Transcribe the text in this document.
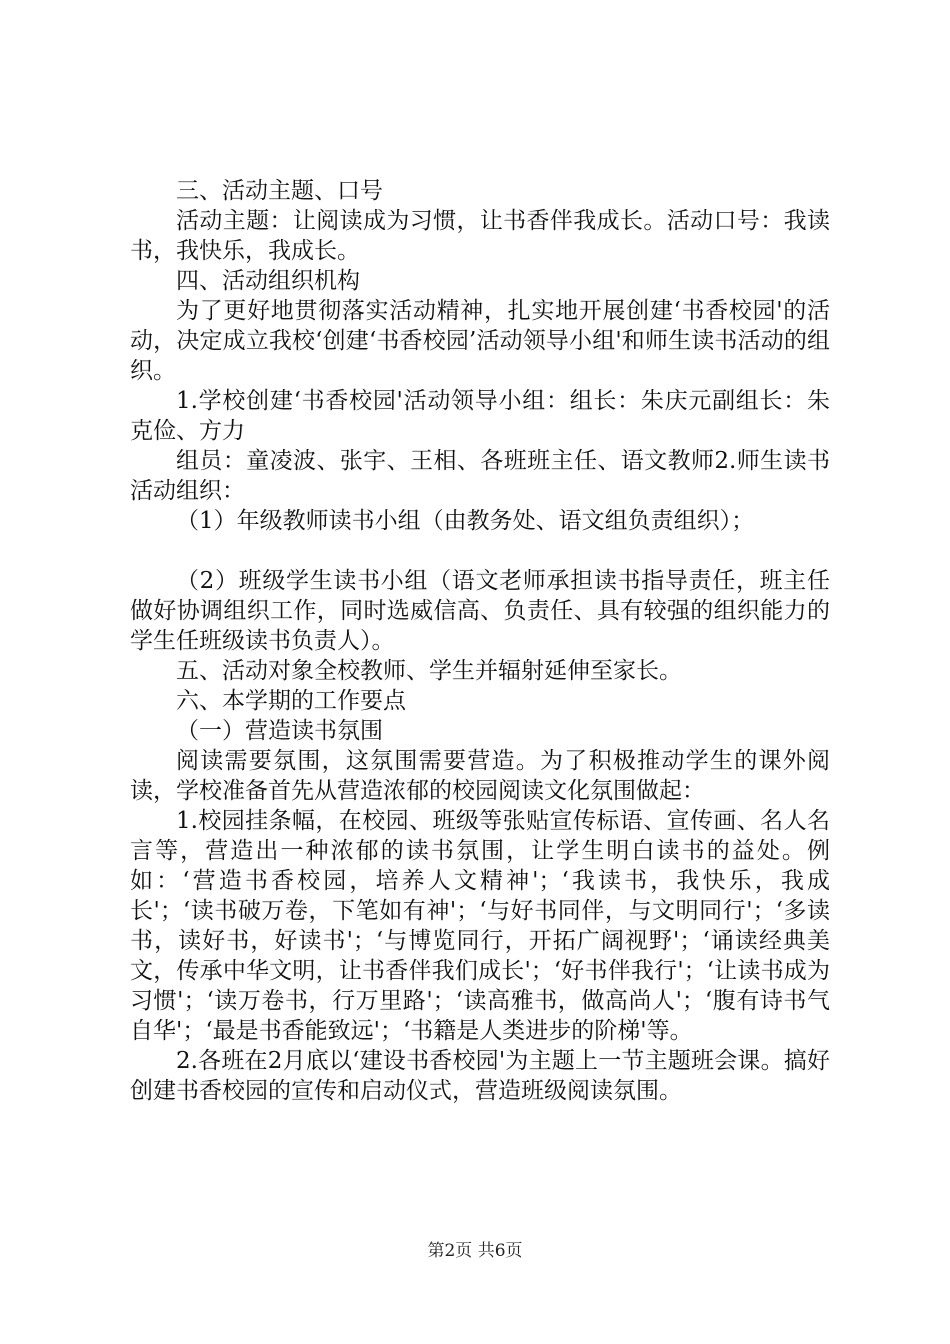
三、活动主题、口号

活动主题：让阅读成为习惯，让书香伴我成长。活动口号：我读书，我快乐，我成长。

四、活动组织机构

为了更好地贯彻落实活动精神，扎实地开展创建‘书香校园'的活动，决定成立我校‘创建‘书香校园’活动领导小组'和师生读书活动的组织。

1.学校创建‘书香校园'活动领导小组：组长：朱庆元副组长：朱克俭、方力

组员：童凌波、张宇、王相、各班班主任、语文教师2.师生读书活动组织：

（1）年级教师读书小组（由教务处、语文组负责组织）；

（2）班级学生读书小组（语文老师承担读书指导责任，班主任做好协调组织工作，同时选威信高、负责任、具有较强的组织能力的学生任班级读书负责人）。

五、活动对象全校教师、学生并辐射延伸至家长。

六、本学期的工作要点

（一）营造读书氛围

阅读需要氛围，这氛围需要营造。为了积极推动学生的课外阅读，学校准备首先从营造浓郁的校园阅读文化氛围做起：

1.校园挂条幅，在校园、班级等张贴宣传标语、宣传画、名人名言等，营造出一种浓郁的读书氛围，让学生明白读书的益处。例如：‘营造书香校园，培养人文精神'；‘我读书，我快乐，我成长'；‘读书破万卷，下笔如有神'；‘与好书同伴，与文明同行'；‘多读书，读好书，好读书'；‘与博览同行，开拓广阔视野'；‘诵读经典美文，传承中华文明，让书香伴我们成长'；‘好书伴我行'；‘让读书成为习惯'；‘读万卷书，行万里路'；‘读高雅书，做高尚人'；‘腹有诗书气自华'；‘最是书香能致远'；‘书籍是人类进步的阶梯'等。

2.各班在2月底以‘建设书香校园'为主题上一节主题班会课。搞好创建书香校园的宣传和启动仪式，营造班级阅读氛围。

第2页 共6页
